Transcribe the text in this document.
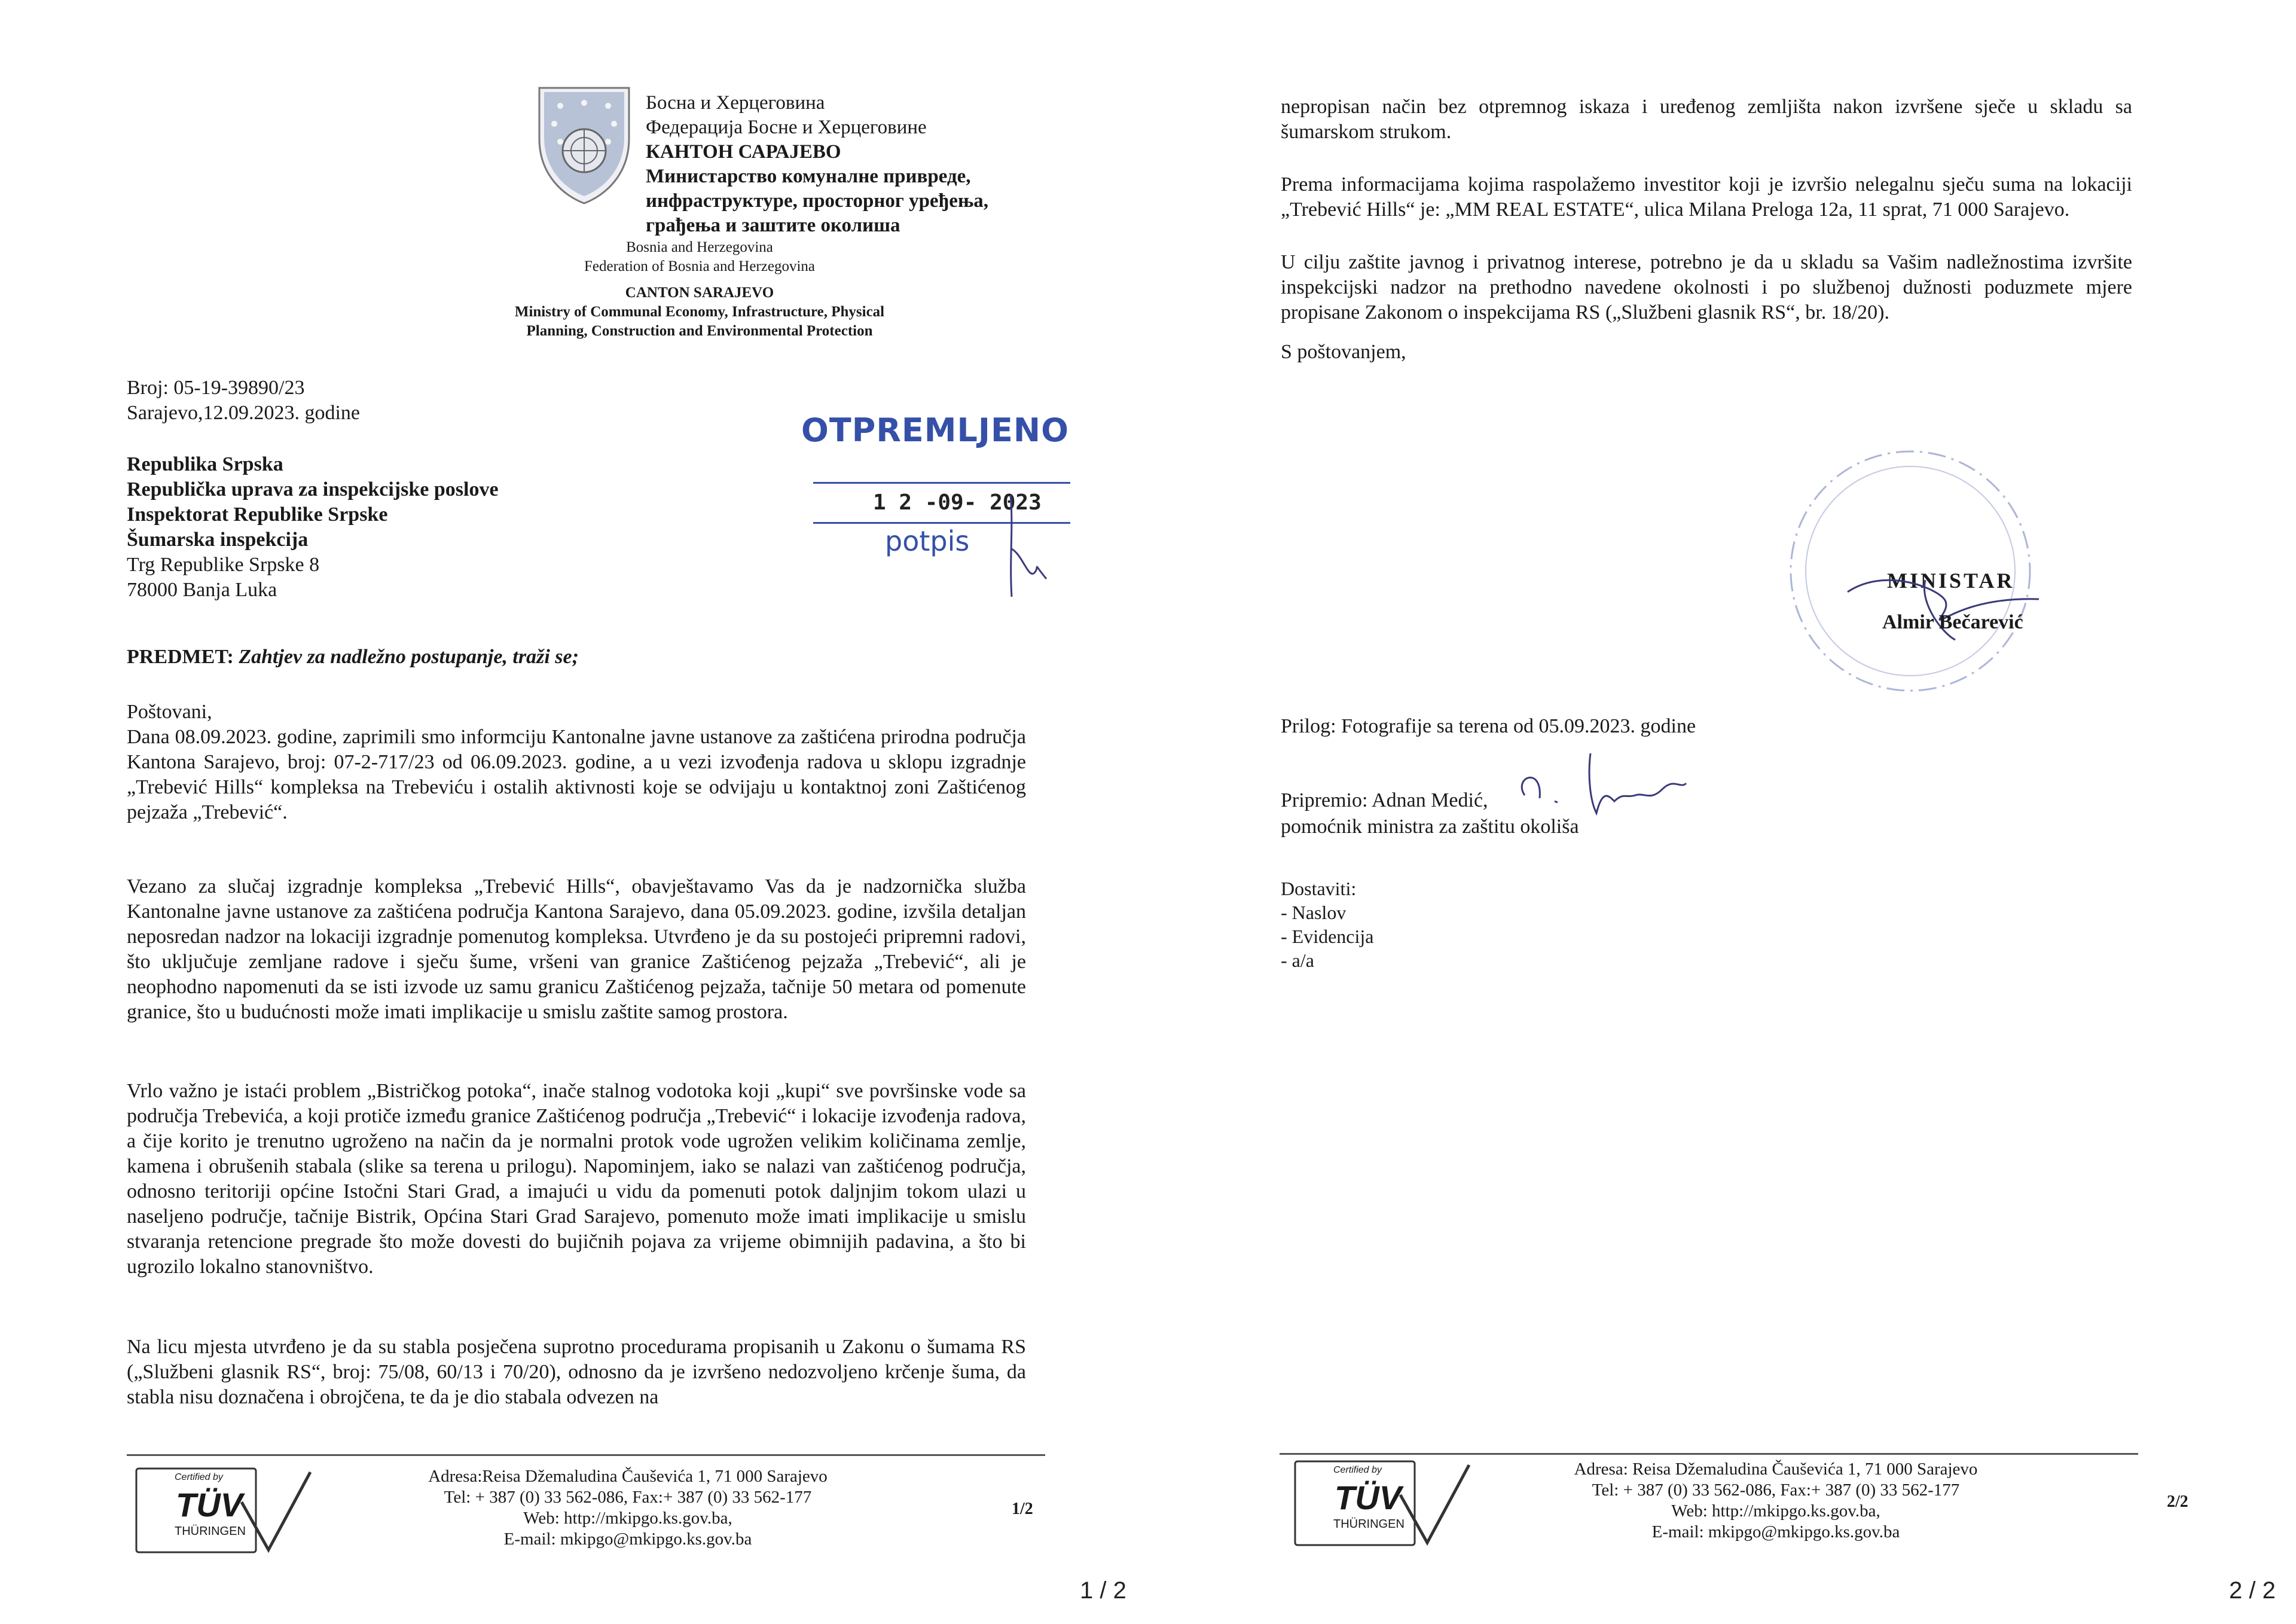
Босна и Херцеговина
Федерација Босне и Херцеговине
КАНТОН САРАЈЕВО
Министарство комуналне привреде,
инфраструктуре, просторног уређења,
грађења и заштите околиша
Bosnia and Herzegovina
Federation of Bosnia and Herzegovina
CANTON SARAJEVO
Ministry of Communal Economy, Infrastructure, Physical
Planning, Construction and Environmental Protection
Broj: 05-19-39890/23
Sarajevo,12.09.2023. godine	OTPREMLJENO
1 2 -09- 2023
potpis
Republika Srpska
Republička uprava za inspekcijske poslove
Inspektorat Republike Srpske
Šumarska inspekcija
Trg Republike Srpske 8
78000 Banja Luka
PREDMET: Zahtjev za nadležno postupanje, traži se;
Poštovani,
Dana 08.09.2023. godine, zaprimili smo informciju Kantonalne javne ustanove za zaštićena prirodna područja Kantona Sarajevo, broj: 07-2-717/23 od 06.09.2023. godine, a u vezi izvođenja radova u sklopu izgradnje „Trebević Hills“ kompleksa na Trebeviću i ostalih aktivnosti koje se odvijaju u kontaktnoj zoni Zaštićenog pejzaža „Trebević“.
Vezano za slučaj izgradnje kompleksa „Trebević Hills“, obavještavamo Vas da je nadzornička služba Kantonalne javne ustanove za zaštićena područja Kantona Sarajevo, dana 05.09.2023. godine, izvšila detaljan neposredan nadzor na lokaciji izgradnje pomenutog kompleksa. Utvrđeno je da su postojeći pripremni radovi, što uključuje zemljane radove i sječu šume, vršeni van granice Zaštićenog pejzaža „Trebević“, ali je neophodno napomenuti da se isti izvode uz samu granicu Zaštićenog pejzaža, tačnije 50 metara od pomenute granice, što u budućnosti može imati implikacije u smislu zaštite samog prostora.
Vrlo važno je istaći problem „Bistričkog potoka“, inače stalnog vodotoka koji „kupi“ sve površinske vode sa područja Trebevića, a koji protiče između granice Zaštićenog područja „Trebević“ i lokacije izvođenja radova, a čije korito je trenutno ugroženo na način da je normalni protok vode ugrožen velikim količinama zemlje, kamena i obrušenih stabala (slike sa terena u prilogu). Napominjem, iako se nalazi van zaštićenog područja, odnosno teritoriji općine Istočni Stari Grad, a imajući u vidu da pomenuti potok daljnjim tokom ulazi u naseljeno područje, tačnije Bistrik, Općina Stari Grad Sarajevo, pomenuto može imati implikacije u smislu stvaranja retencione pregrade što može dovesti do bujičnih pojava za vrijeme obimnijih padavina, a što bi ugrozilo lokalno stanovništvo.
Na licu mjesta utvrđeno je da su stabla posječena suprotno procedurama propisanih u Zakonu o šumama RS („Službeni glasnik RS“, broj: 75/08, 60/13 i 70/20), odnosno da je izvršeno nedozvoljeno krčenje šuma, da stabla nisu doznačena i obrojčena, te da je dio stabala odvezen na
Certified by
TÜV
THÜRINGEN
Adresa:Reisa Džemaludina Čauševića 1, 71 000 Sarajevo
Tel: + 387 (0) 33 562-086, Fax:+ 387 (0) 33 562-177
Web: http://mkipgo.ks.gov.ba,
E-mail: mkipgo@mkipgo.ks.gov.ba
1/2
1 / 2
nepropisan način bez otpremnog iskaza i uređenog zemljišta nakon izvršene sječe u skladu sa šumarskom strukom.
Prema informacijama kojima raspolažemo investitor koji je izvršio nelegalnu sječu suma na lokaciji „Trebević Hills“ je: „MM REAL ESTATE“, ulica Milana Preloga 12a, 11 sprat, 71 000 Sarajevo.
U cilju zaštite javnog i privatnog interese, potrebno je da u skladu sa Vašim nadležnostima izvršite inspekcijski nadzor na prethodno navedene okolnosti i po službenoj dužnosti poduzmete mjere propisane Zakonom o inspekcijama RS („Službeni glasnik RS“, br. 18/20).
S poštovanjem,
MINISTAR
Almir Bečarević
Prilog: Fotografije sa terena od 05.09.2023. godine
Pripremio: Adnan Medić,
pomoćnik ministra za zaštitu okoliša
Dostaviti:
- Naslov
- Evidencija
- a/a
Certified by
TÜV
THÜRINGEN
Adresa: Reisa Džemaludina Čauševića 1, 71 000 Sarajevo
Tel: + 387 (0) 33 562-086, Fax:+ 387 (0) 33 562-177
Web: http://mkipgo.ks.gov.ba,
E-mail: mkipgo@mkipgo.ks.gov.ba
2/2
2 / 2
